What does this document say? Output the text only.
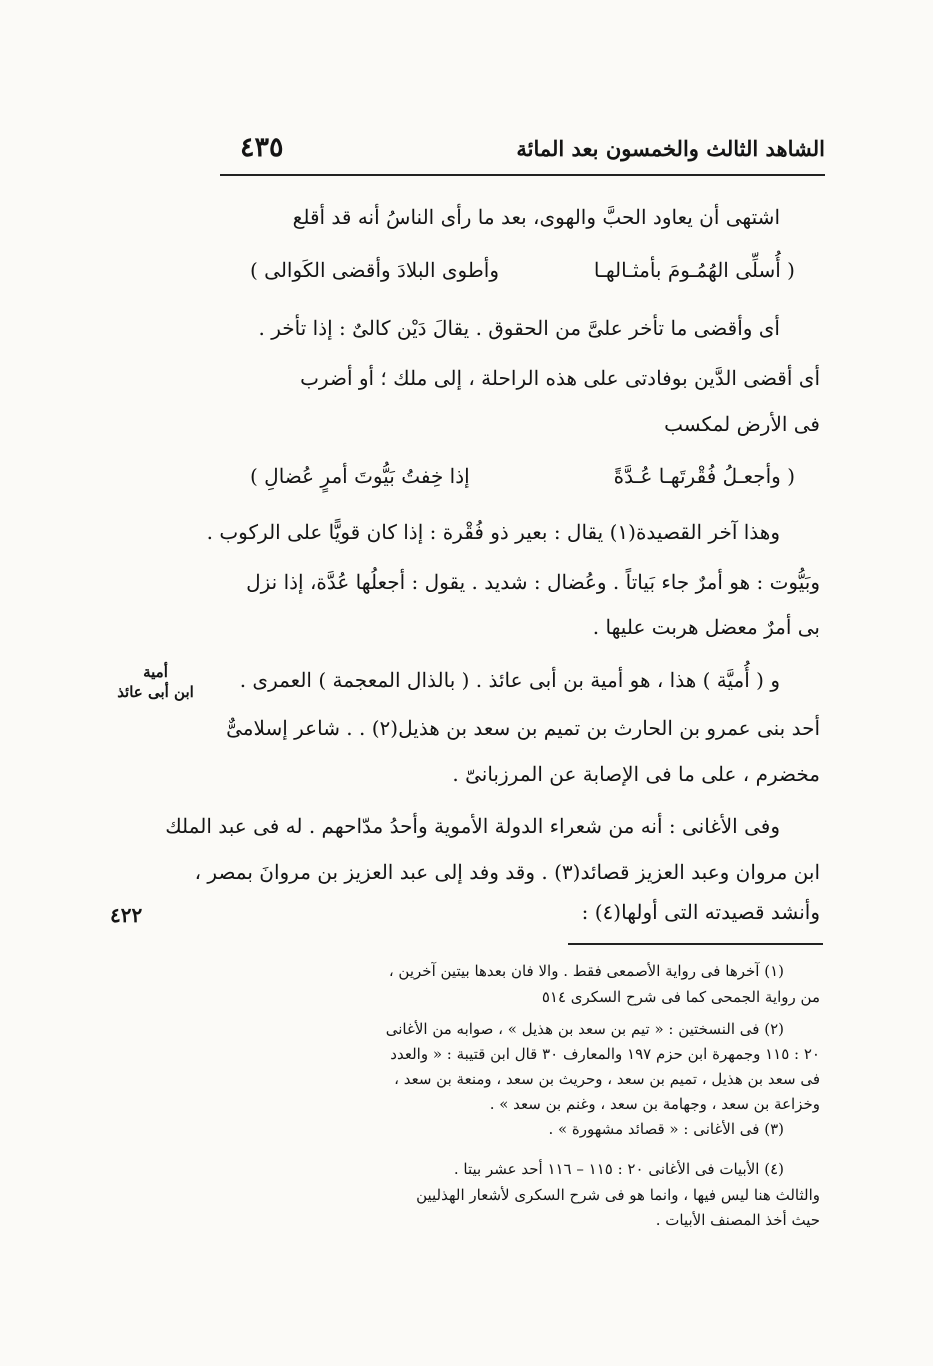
الشاهد الثالث والخمسون بعد المائة
٤٣٥
اشتهى أن يعاود الحبَّ والهوى، بعد ما رأى الناسُ أنه قد أقلع
( أُسلِّى الهُمُـومَ بأمثـالهـا
وأطوى البلادَ وأقضى الكَوالى )
أى وأقضى ما تأخر علىَّ من الحقوق . يقالَ دَيْن كالىٌ : إذا تأخر .
أى أقضى الدَّين بوفادتى على هذه الراحلة ، إلى ملك ؛ أو أضرب
فى الأرض لمكسب
( وأجعـلُ فُقْرتَهـا عُـدَّةً
إذا خِفتُ بَيُّوتَ أمرٍ عُضالِ )
وهذا آخر القصيدة(١) يقال : بعير ذو فُقْرة : إذا كان قويًّا على الركوب .
وبَيُّوت : هو أمرٌ جاء بَياتاً . وعُضال : شديد . يقول : أجعلُها عُدَّة، إذا نزل
بى أمرٌ معضل هربت عليها .
و ( أُميَّة ) هذا ، هو أمية بن أبى عائذ . ( بالذال المعجمة ) العمرى .
أحد بنى عمرو بن الحارث بن تميم بن سعد بن هذيل(٢) . . شاعر إسلامىٌّ
مخضرم ، على ما فى الإصابة عن المرزبانىّ .
وفى الأغانى : أنه من شعراء الدولة الأموية وأحدُ مدّاحهم . له فى عبد الملك
ابن مروان وعبد العزيز قصائد(٣) . وقد وفد إلى عبد العزيز بن مروانَ بمصر ،
وأنشد قصيدته التى أولها(٤) :
أمية
ابن أبى عائذ
٤٢٢
(١) آخرها فى رواية الأصمعى فقط . والا فان بعدها بيتين آخرين ،
من رواية الجمحى كما فى شرح السكرى ٥١٤
(٢) فى النسختين : « تيم بن سعد بن هذيل » ، صوابه من الأغانى
٢٠ : ١١٥ وجمهرة ابن حزم ١٩٧ والمعارف ٣٠ قال ابن قتيبة : « والعدد
فى سعد بن هذيل ، تميم بن سعد ، وحريث بن سعد ، ومنعة بن سعد ،
وخزاعة بن سعد ، وجهامة بن سعد ، وغنم بن سعد » .
(٣) فى الأغانى : « قصائد مشهورة » .
(٤) الأبيات فى الأغانى ٢٠ : ١١٥ – ١١٦ أحد عشر بيتا .
والثالث هنا ليس فيها ، وانما هو فى شرح السكرى لأشعار الهذليين
حيث أخذ المصنف الأبيات .
